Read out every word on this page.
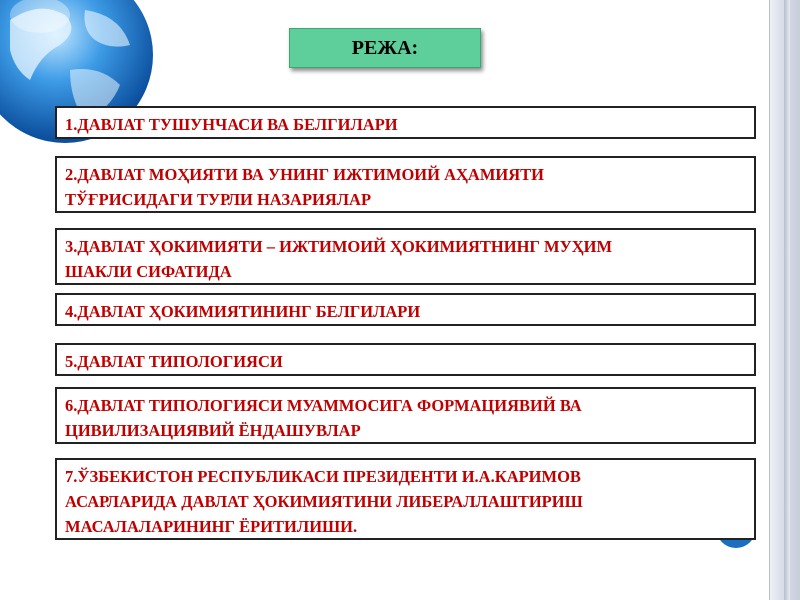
РЕЖА:
1.ДАВЛАТ ТУШУНЧАСИ ВА БЕЛГИЛАРИ
2.ДАВЛАТ МОҲИЯТИ ВА УНИНГ ИЖТИМОИЙ АҲАМИЯТИ
ТЎҒРИСИДАГИ ТУРЛИ НАЗАРИЯЛАР
3.ДАВЛАТ ҲОКИМИЯТИ – ИЖТИМОИЙ ҲОКИМИЯТНИНГ МУҲИМ
ШАКЛИ СИФАТИДА
4.ДАВЛАТ ҲОКИМИЯТИНИНГ БЕЛГИЛАРИ
5.ДАВЛАТ ТИПОЛОГИЯСИ
6.ДАВЛАТ ТИПОЛОГИЯСИ МУАММОСИГА ФОРМАЦИЯВИЙ ВА
ЦИВИЛИЗАЦИЯВИЙ ЁНДАШУВЛАР
7.ЎЗБЕКИСТОН РЕСПУБЛИКАСИ ПРЕЗИДЕНТИ И.А.КАРИМОВ
АСАРЛАРИДА ДАВЛАТ ҲОКИМИЯТИНИ ЛИБЕРАЛЛАШТИРИШ
МАСАЛАЛАРИНИНГ ЁРИТИЛИШИ.
